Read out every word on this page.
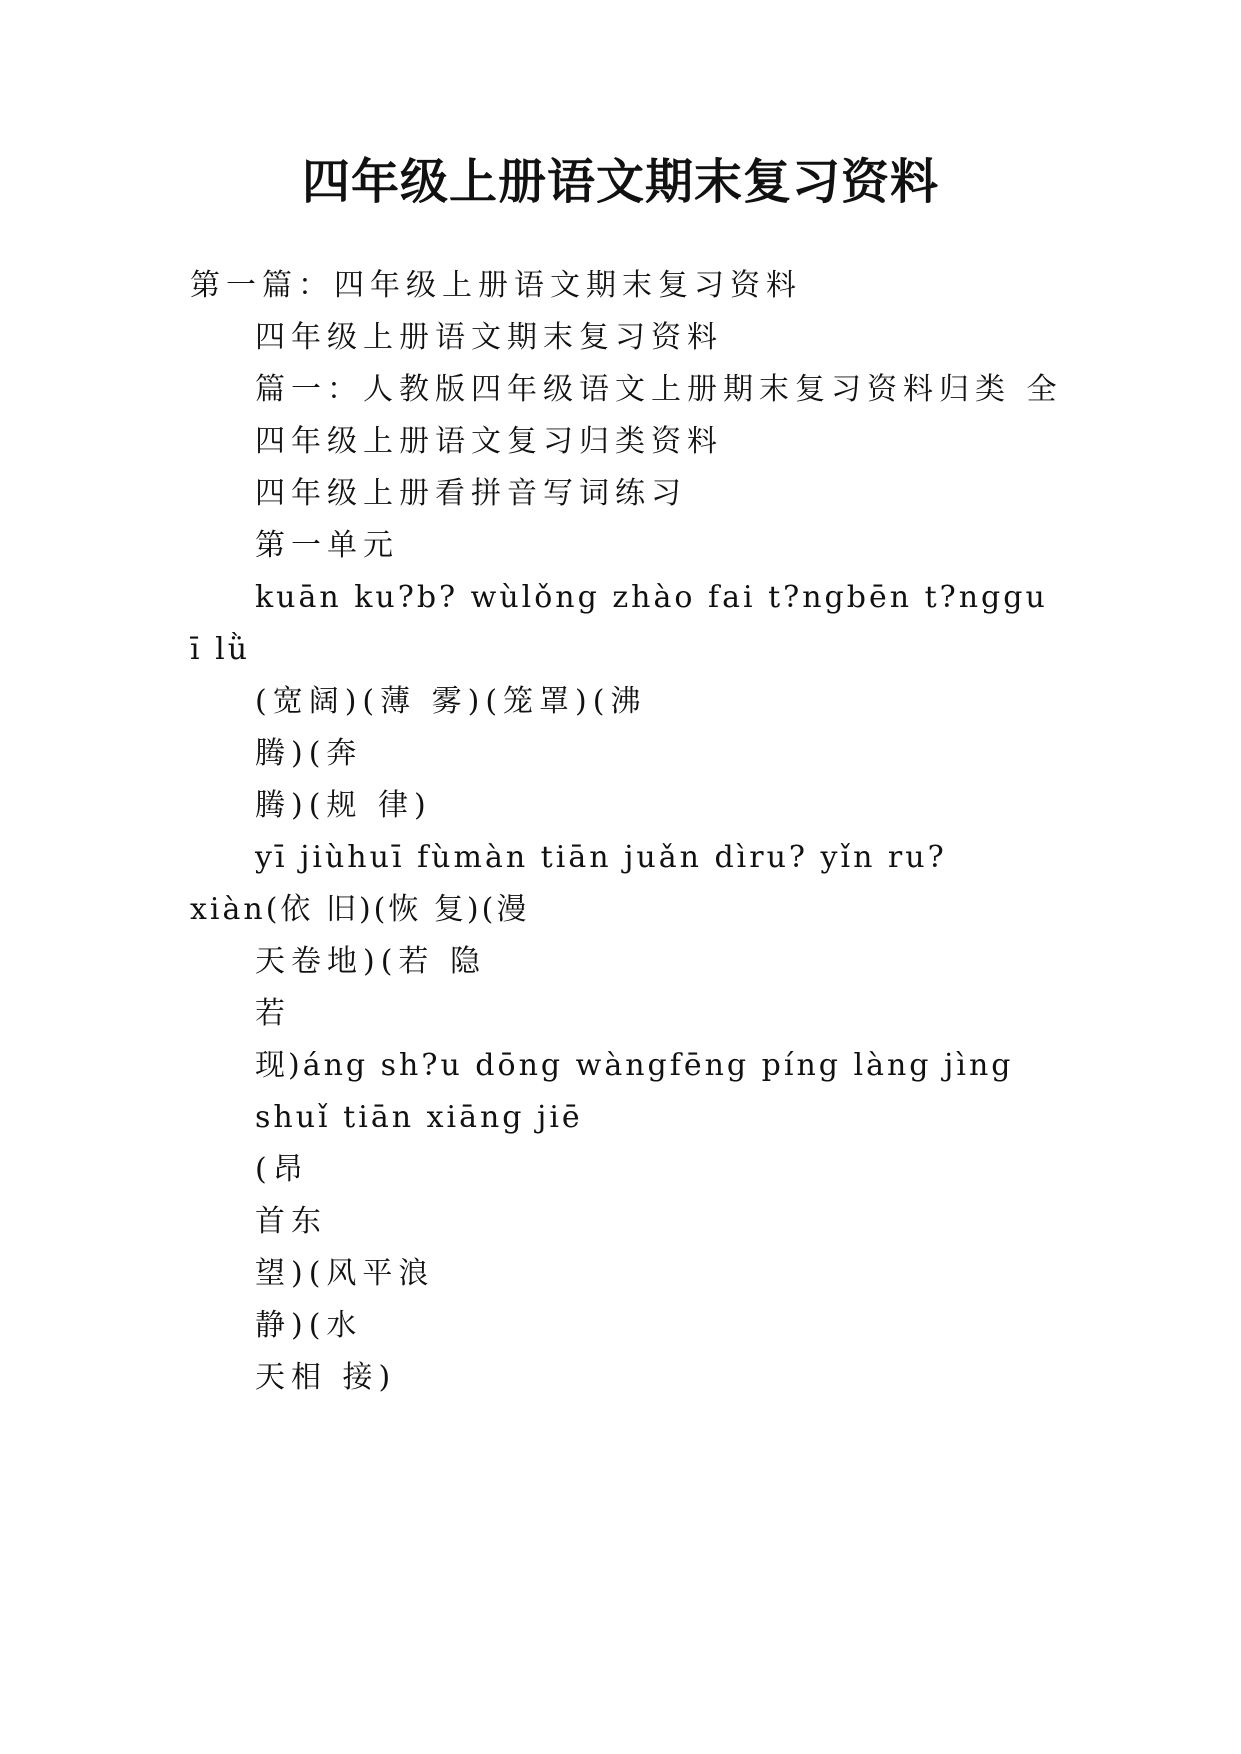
四年级上册语文期末复习资料
第一篇：四年级上册语文期末复习资料
四年级上册语文期末复习资料
篇一：人教版四年级语文上册期末复习资料归类 全
四年级上册语文复习归类资料
四年级上册看拼音写词练习
第一单元
kuān ku?b? wùlǒng zhào fai t?ngbēn t?nggu
ī lǜ
(宽阔)(薄 雾)(笼罩)(沸
腾)(奔
腾)(规 律)
yī jiùhuī fùmàn tiān juǎn dìru? yǐn ru?
xiàn(依 旧)(恢 复)(漫
天卷地)(若 隐
若
现)áng sh?u dōng wàngfēng píng làng jìng
shuǐ tiān xiāng jiē
(昂
首东
望)(风平浪
静)(水
天相 接)
